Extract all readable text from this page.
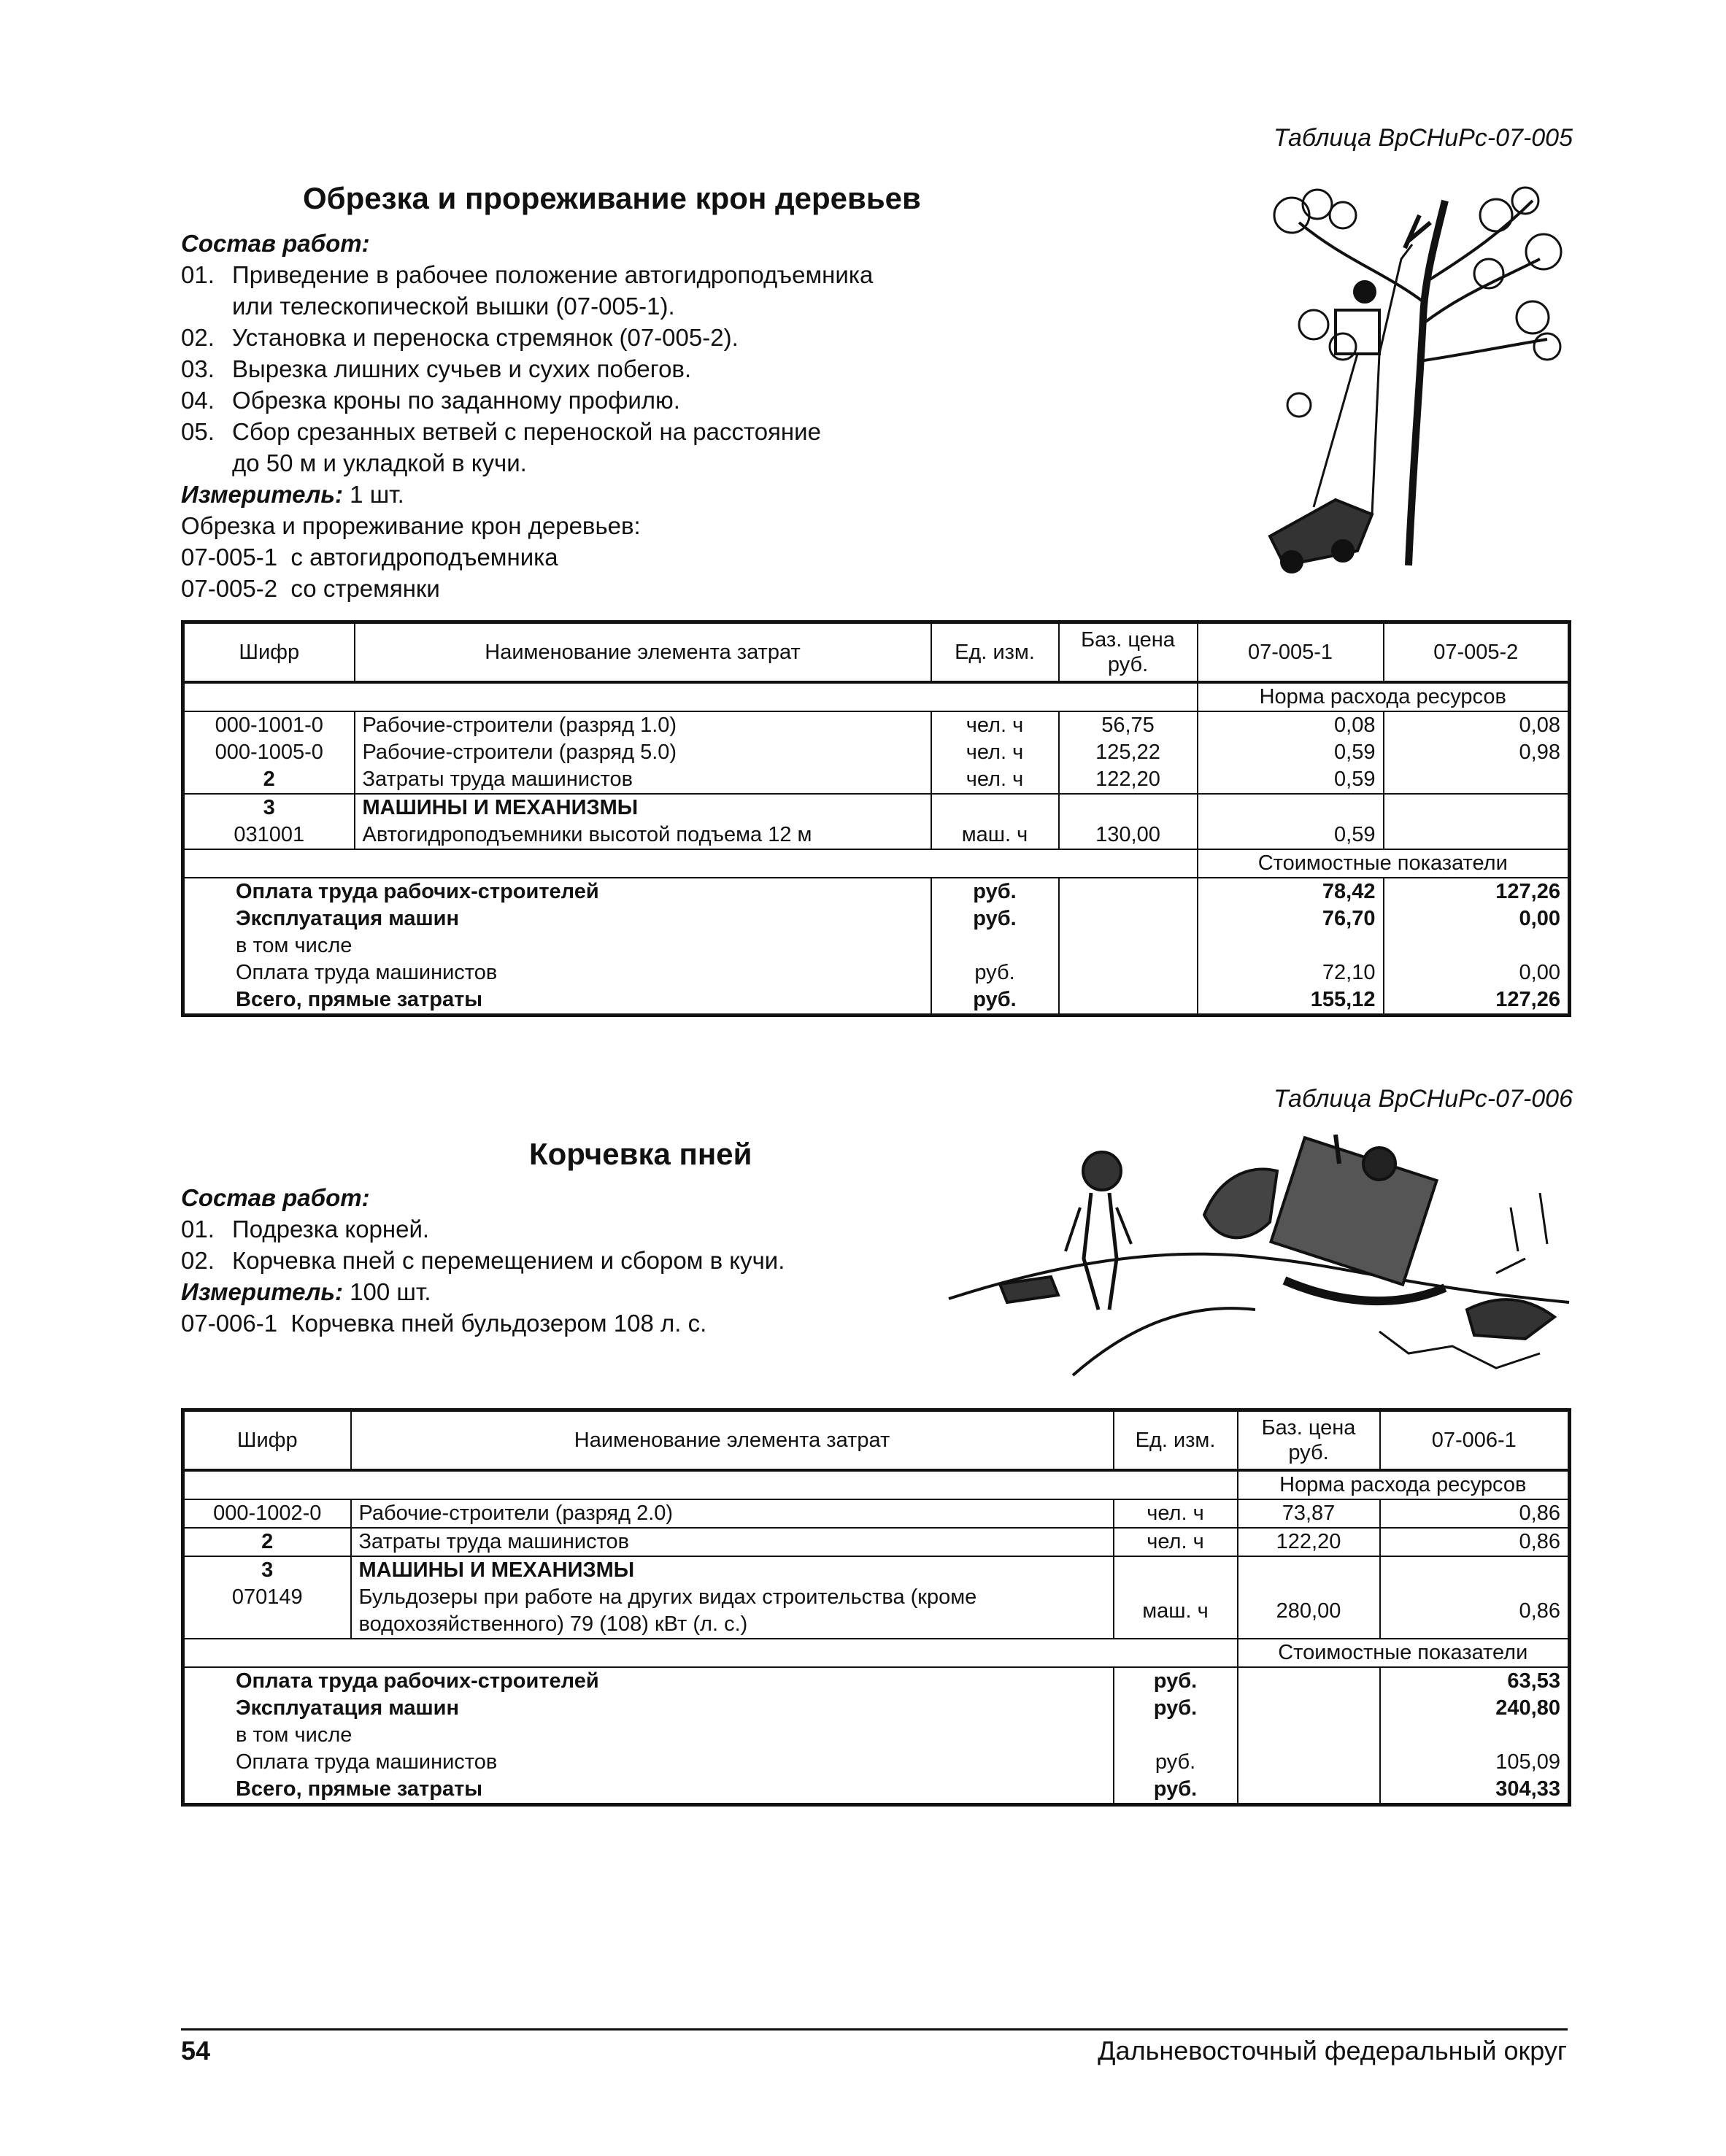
Таблица ВрСНиРс-07-005
Обрезка и прореживание крон деревьев
Состав работ:
01. Приведение в рабочее положение автогидроподъемника
или телескопической вышки (07-005-1).
02. Установка и переноска стремянок (07-005-2).
03. Вырезка лишних сучьев и сухих побегов.
04. Обрезка кроны по заданному профилю.
05. Сбор срезанных ветвей с переноской на расстояние
до 50 м и укладкой в кучи.
Измеритель: 1 шт.
Обрезка и прореживание крон деревьев:
07-005-1  с автогидроподъемника
07-005-2  со стремянки
Шифр	Наименование элемента затрат	Ед. изм.	Баз. цена руб.	07-005-1	07-005-2
				Норма расхода ресурсов	
000-1001-0	Рабочие-строители (разряд 1.0)	чел. ч	56,75	0,08	0,08
000-1005-0	Рабочие-строители (разряд 5.0)	чел. ч	125,22	0,59	0,98
2	Затраты труда машинистов	чел. ч	122,20	0,59	
3	МАШИНЫ И МЕХАНИЗМЫ				
031001	Автогидроподъемники высотой подъема 12 м	маш. ч	130,00	0,59	
				Стоимостные показатели	
Оплата труда рабочих-строителей		руб.		78,42	127,26
Эксплуатация машин		руб.		76,70	0,00
в том числе					
Оплата труда машинистов		руб.		72,10	0,00
Всего, прямые затраты		руб.		155,12	127,26
Таблица ВрСНиРс-07-006
Корчевка пней
Состав работ:
01. Подрезка корней.
02. Корчевка пней с перемещением и сбором в кучи.
Измеритель: 100 шт.
07-006-1  Корчевка пней бульдозером 108 л. с.
Шифр	Наименование элемента затрат	Ед. изм.	Баз. цена руб.	07-006-1
			Норма расхода ресурсов	
000-1002-0	Рабочие-строители (разряд 2.0)	чел. ч	73,87	0,86
2	Затраты труда машинистов	чел. ч	122,20	0,86
3	МАШИНЫ И МЕХАНИЗМЫ			
070149	Бульдозеры при работе на других видах строительства (кроме водохозяйственного) 79 (108) кВт (л. с.)	маш. ч	280,00	0,86
			Стоимостные показатели	
Оплата труда рабочих-строителей		руб.		63,53
Эксплуатация машин		руб.		240,80
в том числе				
Оплата труда машинистов		руб.		105,09
Всего, прямые затраты		руб.		304,33
54	Дальневосточный федеральный округ
